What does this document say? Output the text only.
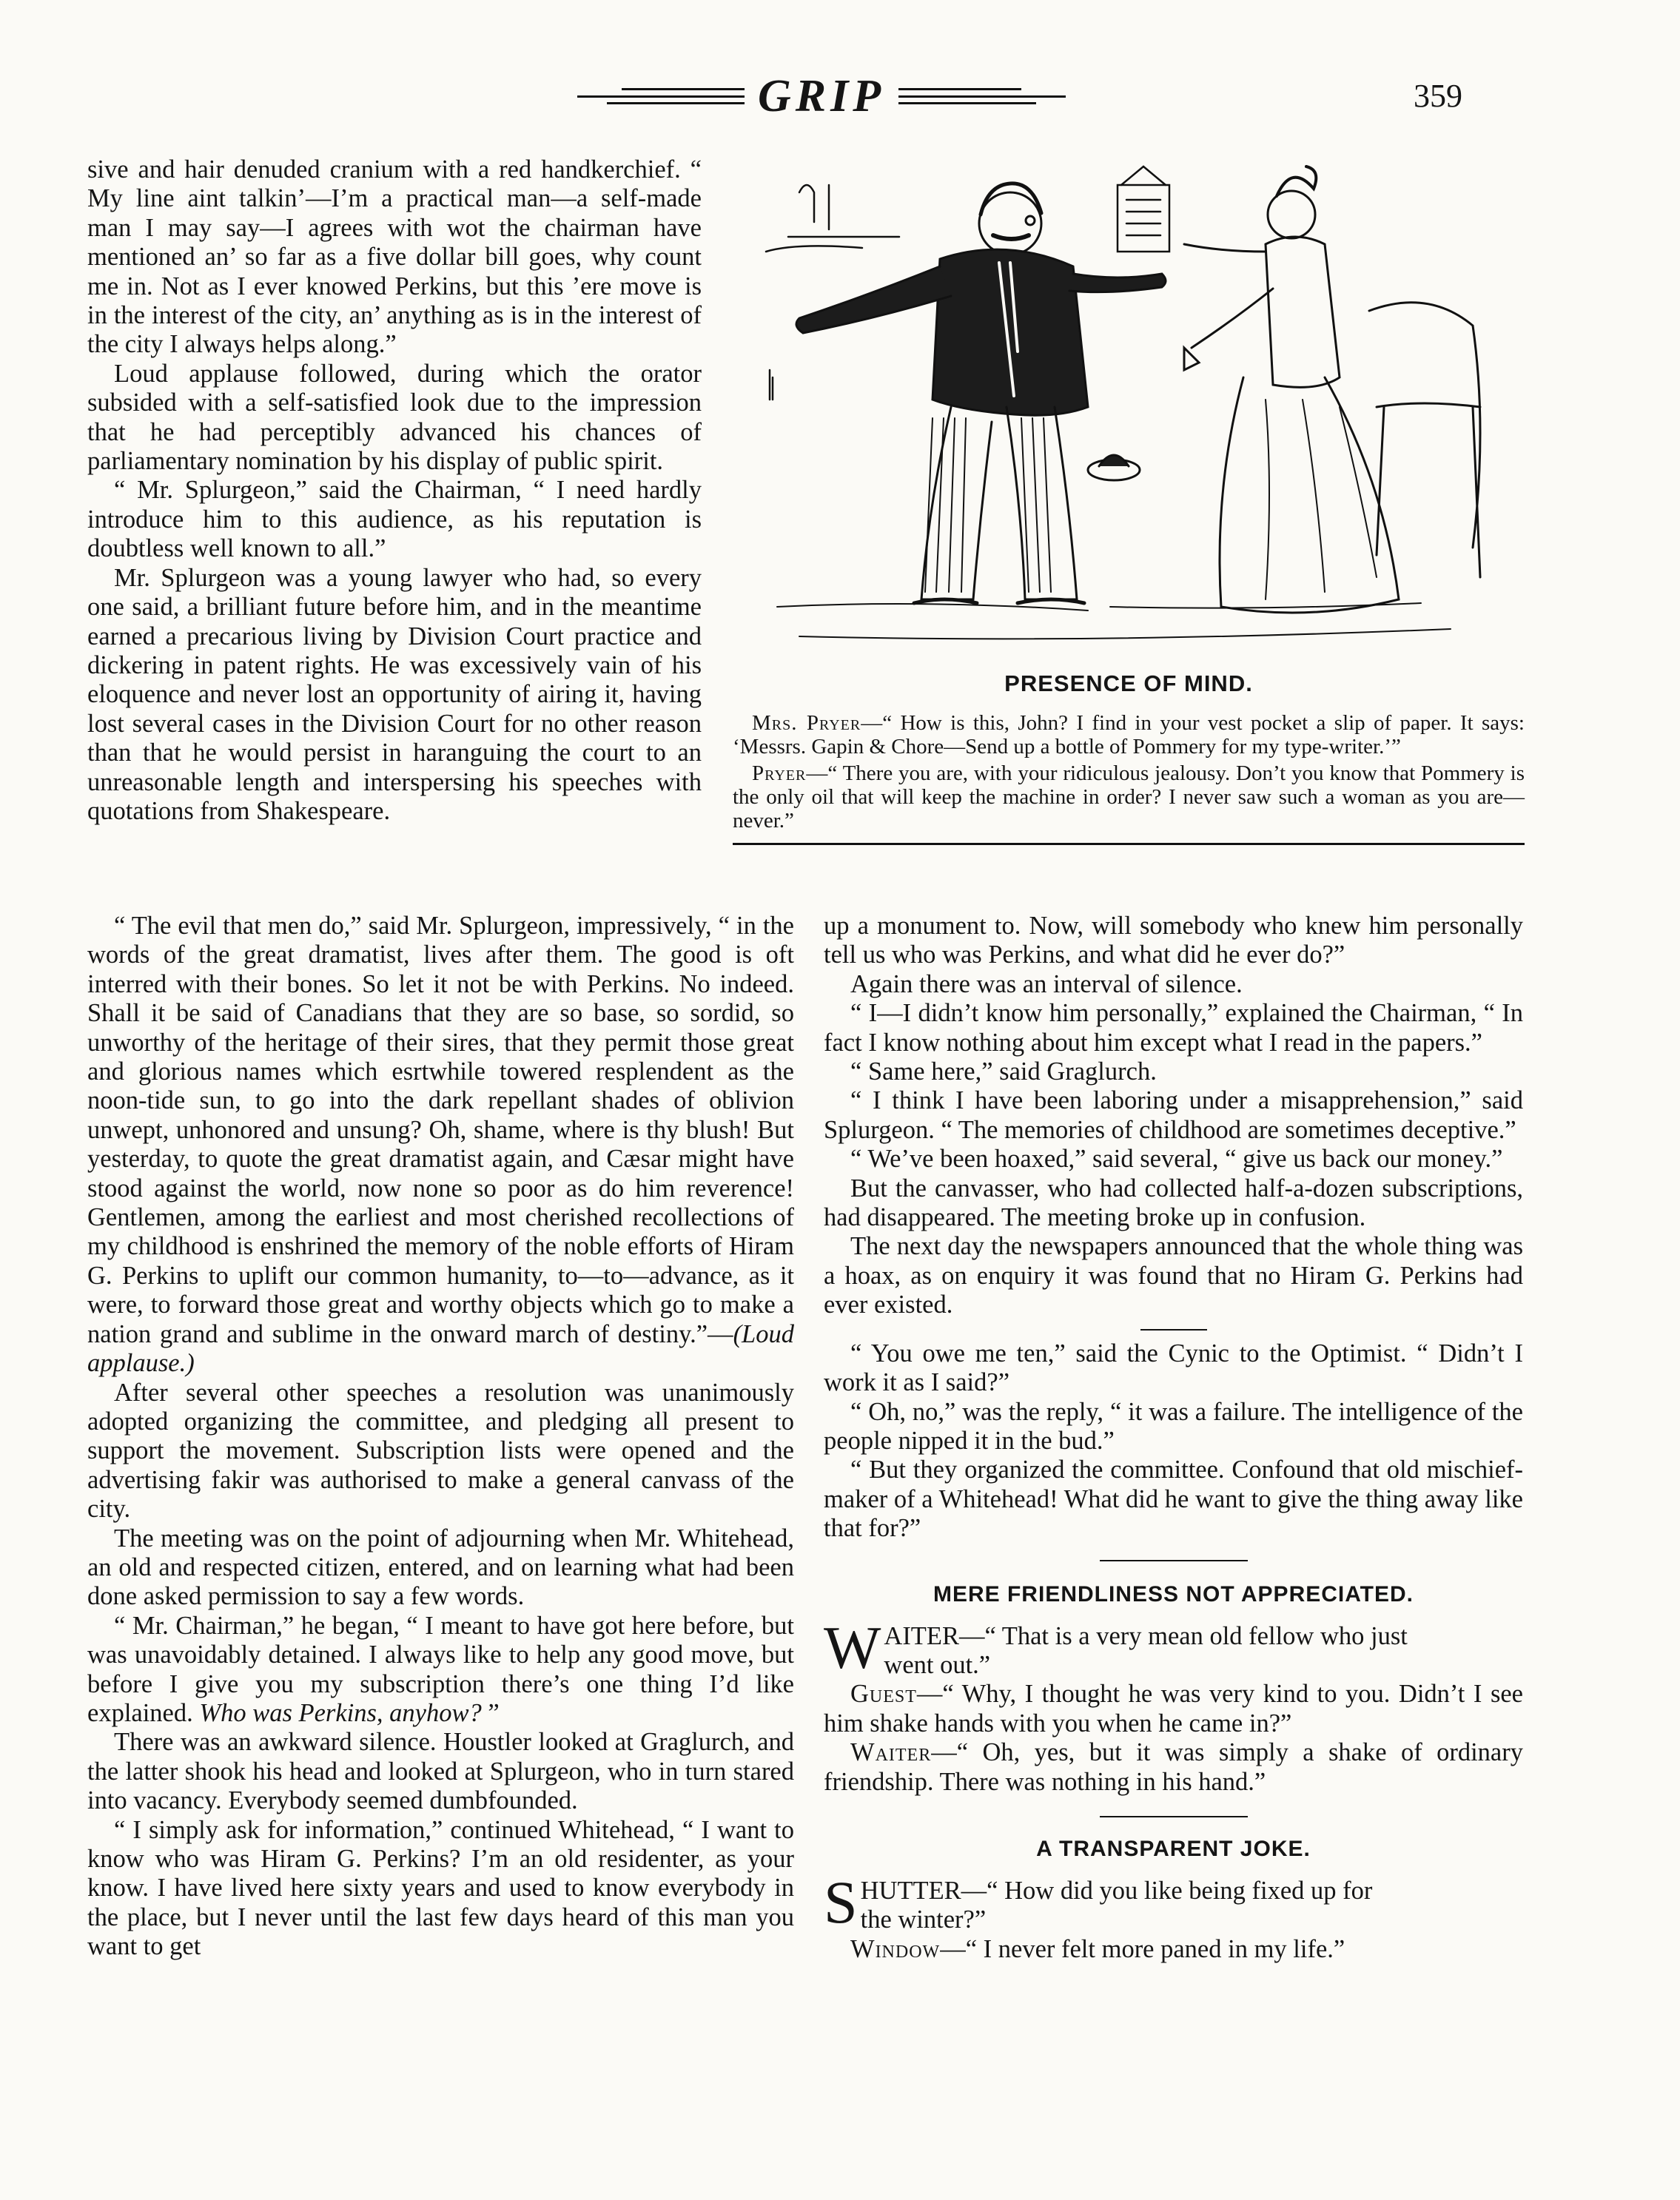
GRIP	359

sive and hair denuded cranium with a red handkerchief. “ My line aint talkin’—I’m a practical man—a self-made man I may say—I agrees with wot the chairman have mentioned an’ so far as a five dollar bill goes, why count me in. Not as I ever knowed Perkins, but this ’ere move is in the interest of the city, an’ anything as is in the interest of the city I always helps along.”

Loud applause followed, during which the orator subsided with a self-satisfied look due to the impression that he had perceptibly advanced his chances of parliamentary nomination by his display of public spirit.

“ Mr. Splurgeon,” said the Chairman, “ I need hardly introduce him to this audience, as his reputation is doubtless well known to all.”

Mr. Splurgeon was a young lawyer who had, so every one said, a brilliant future before him, and in the meantime earned a precarious living by Division Court practice and dickering in patent rights. He was excessively vain of his eloquence and never lost an opportunity of airing it, having lost several cases in the Division Court for no other reason than that he would persist in haranguing the court to an unreasonable length and interspersing his speeches with quotations from Shakespeare.

PRESENCE OF MIND.

Mrs. Pryer—“ How is this, John? I find in your vest pocket a slip of paper. It says: ‘Messrs. Gapin & Chore—Send up a bottle of Pommery for my type-writer.’”

Pryer—“ There you are, with your ridiculous jealousy. Don’t you know that Pommery is the only oil that will keep the machine in order? I never saw such a woman as you are—never.”

“ The evil that men do,” said Mr. Splurgeon, impressively, “ in the words of the great dramatist, lives after them. The good is oft interred with their bones. So let it not be with Perkins. No indeed. Shall it be said of Canadians that they are so base, so sordid, so unworthy of the heritage of their sires, that they permit those great and glorious names which esrtwhile towered resplendent as the noon-tide sun, to go into the dark repellant shades of oblivion unwept, unhonored and unsung? Oh, shame, where is thy blush! But yesterday, to quote the great dramatist again, and Cæsar might have stood against the world, now none so poor as do him reverence! Gentlemen, among the earliest and most cherished recollections of my childhood is enshrined the memory of the noble efforts of Hiram G. Perkins to uplift our common humanity, to—to—advance, as it were, to forward those great and worthy objects which go to make a nation grand and sublime in the onward march of destiny.”—(Loud applause.)

After several other speeches a resolution was unanimously adopted organizing the committee, and pledging all present to support the movement. Subscription lists were opened and the advertising fakir was authorised to make a general canvass of the city.

The meeting was on the point of adjourning when Mr. Whitehead, an old and respected citizen, entered, and on learning what had been done asked permission to say a few words.

“ Mr. Chairman,” he began, “ I meant to have got here before, but was unavoidably detained. I always like to help any good move, but before I give you my subscription there’s one thing I’d like explained. Who was Perkins, anyhow? ”

There was an awkward silence. Houstler looked at Graglurch, and the latter shook his head and looked at Splurgeon, who in turn stared into vacancy. Everybody seemed dumbfounded.

“ I simply ask for information,” continued Whitehead, “ I want to know who was Hiram G. Perkins? I’m an old residenter, as your know. I have lived here sixty years and used to know everybody in the place, but I never until the last few days heard of this man you want to get

up a monument to. Now, will somebody who knew him personally tell us who was Perkins, and what did he ever do?”

Again there was an interval of silence.

“ I—I didn’t know him personally,” explained the Chairman, “ In fact I know nothing about him except what I read in the papers.”

“ Same here,” said Graglurch.

“ I think I have been laboring under a misapprehension,” said Splurgeon. “ The memories of childhood are sometimes deceptive.”

“ We’ve been hoaxed,” said several, “ give us back our money.”

But the canvasser, who had collected half-a-dozen subscriptions, had disappeared. The meeting broke up in confusion.

The next day the newspapers announced that the whole thing was a hoax, as on enquiry it was found that no Hiram G. Perkins had ever existed.

“ You owe me ten,” said the Cynic to the Optimist. “ Didn’t I work it as I said?”

“ Oh, no,” was the reply, “ it was a failure. The intelligence of the people nipped it in the bud.”

“ But they organized the committee. Confound that old mischief-maker of a Whitehead! What did he want to give the thing away like that for?”

MERE FRIENDLINESS NOT APPRECIATED.

WAITER—“ That is a very mean old fellow who just
went out.”

Guest—“ Why, I thought he was very kind to you. Didn’t I see him shake hands with you when he came in?”

Waiter—“ Oh, yes, but it was simply a shake of ordinary friendship. There was nothing in his hand.”

A TRANSPARENT JOKE.

SHUTTER—“ How did you like being fixed up for
the winter?”

Window—“ I never felt more paned in my life.”
